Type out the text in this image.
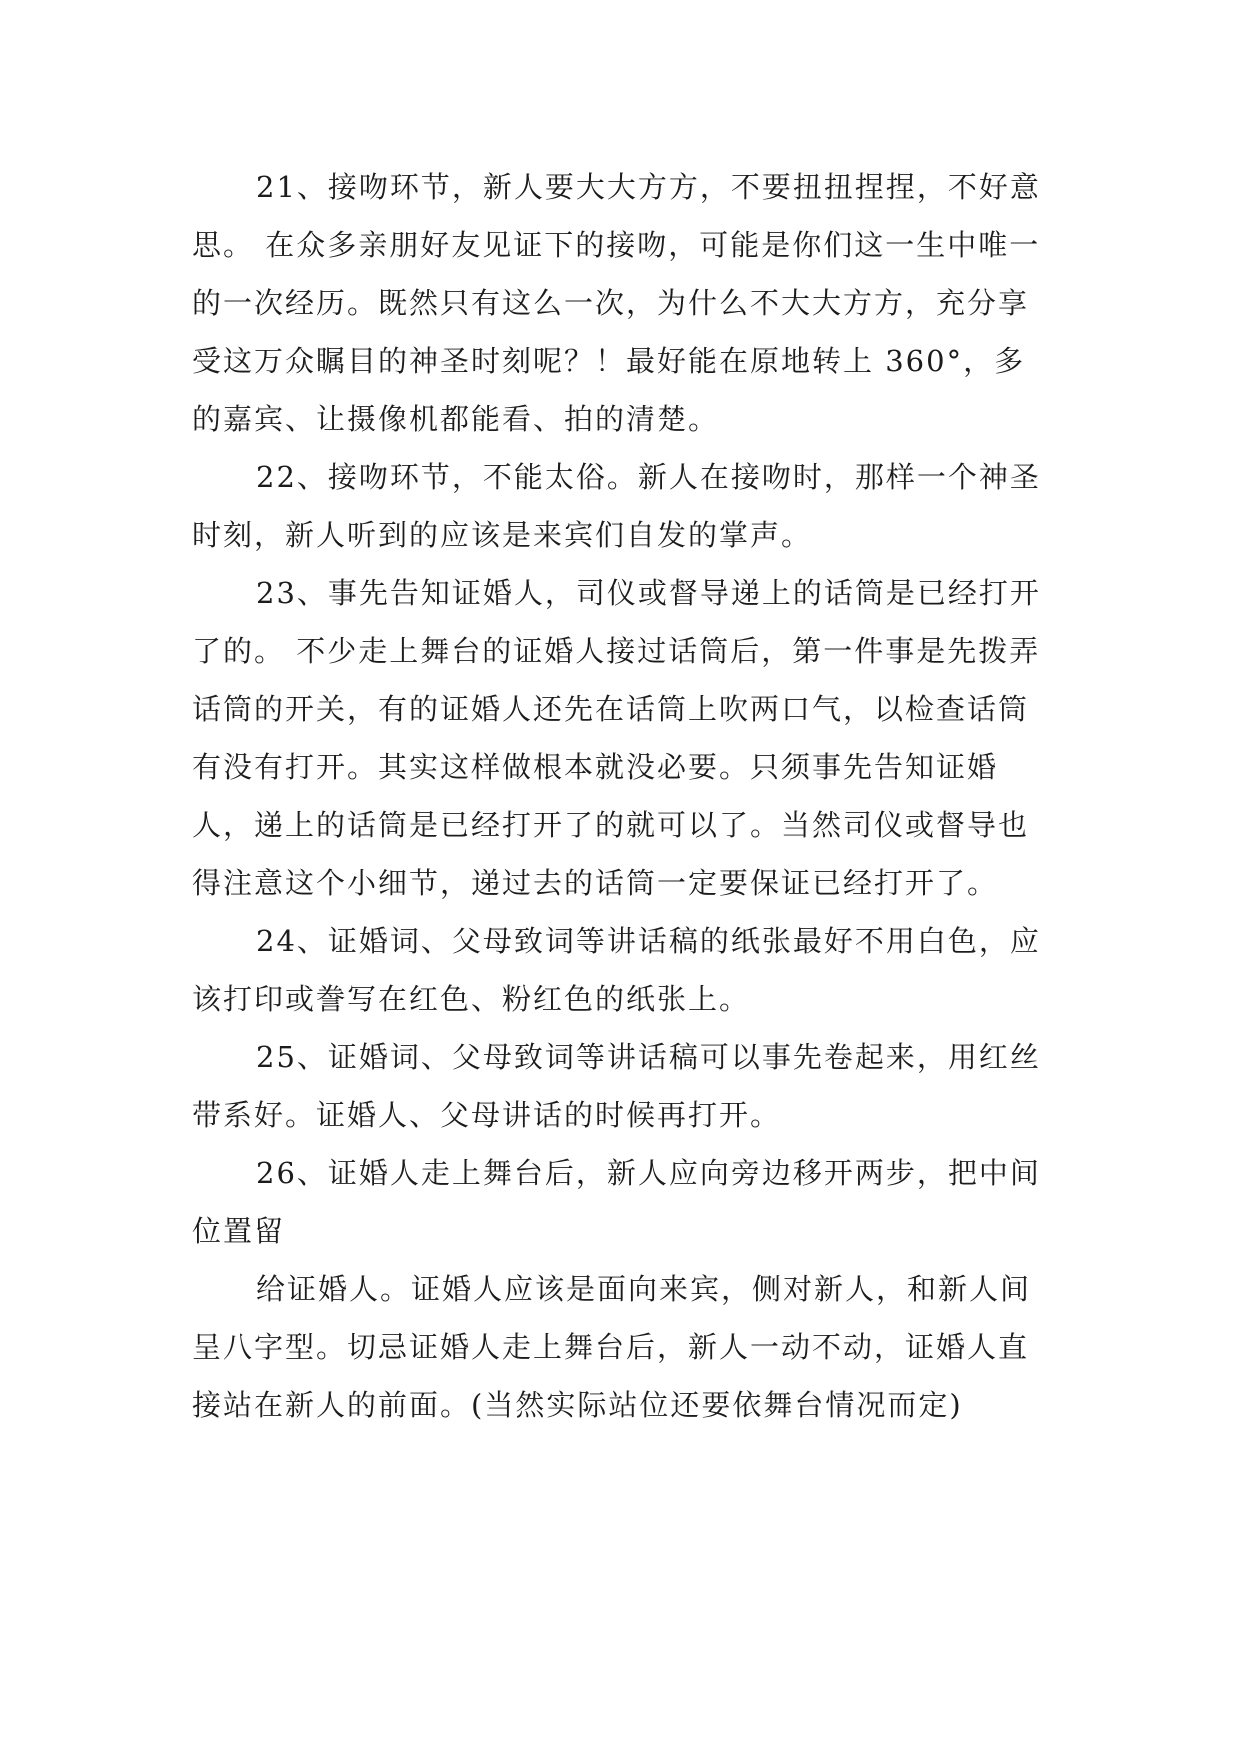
21、接吻环节，新人要大大方方，不要扭扭捏捏，不好意思。 在众多亲朋好友见证下的接吻，可能是你们这一生中唯一的一次经历。既然只有这么一次，为什么不大大方方，充分享受这万众瞩目的神圣时刻呢？！最好能在原地转上 360°，多的嘉宾、让摄像机都能看、拍的清楚。

22、接吻环节，不能太俗。新人在接吻时，那样一个神圣时刻，新人听到的应该是来宾们自发的掌声。

23、事先告知证婚人，司仪或督导递上的话筒是已经打开了的。 不少走上舞台的证婚人接过话筒后，第一件事是先拨弄话筒的开关，有的证婚人还先在话筒上吹两口气，以检查话筒有没有打开。其实这样做根本就没必要。只须事先告知证婚人，递上的话筒是已经打开了的就可以了。当然司仪或督导也得注意这个小细节，递过去的话筒一定要保证已经打开了。

24、证婚词、父母致词等讲话稿的纸张最好不用白色，应该打印或誊写在红色、粉红色的纸张上。

25、证婚词、父母致词等讲话稿可以事先卷起来，用红丝带系好。证婚人、父母讲话的时候再打开。

26、证婚人走上舞台后，新人应向旁边移开两步，把中间位置留

给证婚人。证婚人应该是面向来宾，侧对新人，和新人间呈八字型。切忌证婚人走上舞台后，新人一动不动，证婚人直接站在新人的前面。(当然实际站位还要依舞台情况而定)
